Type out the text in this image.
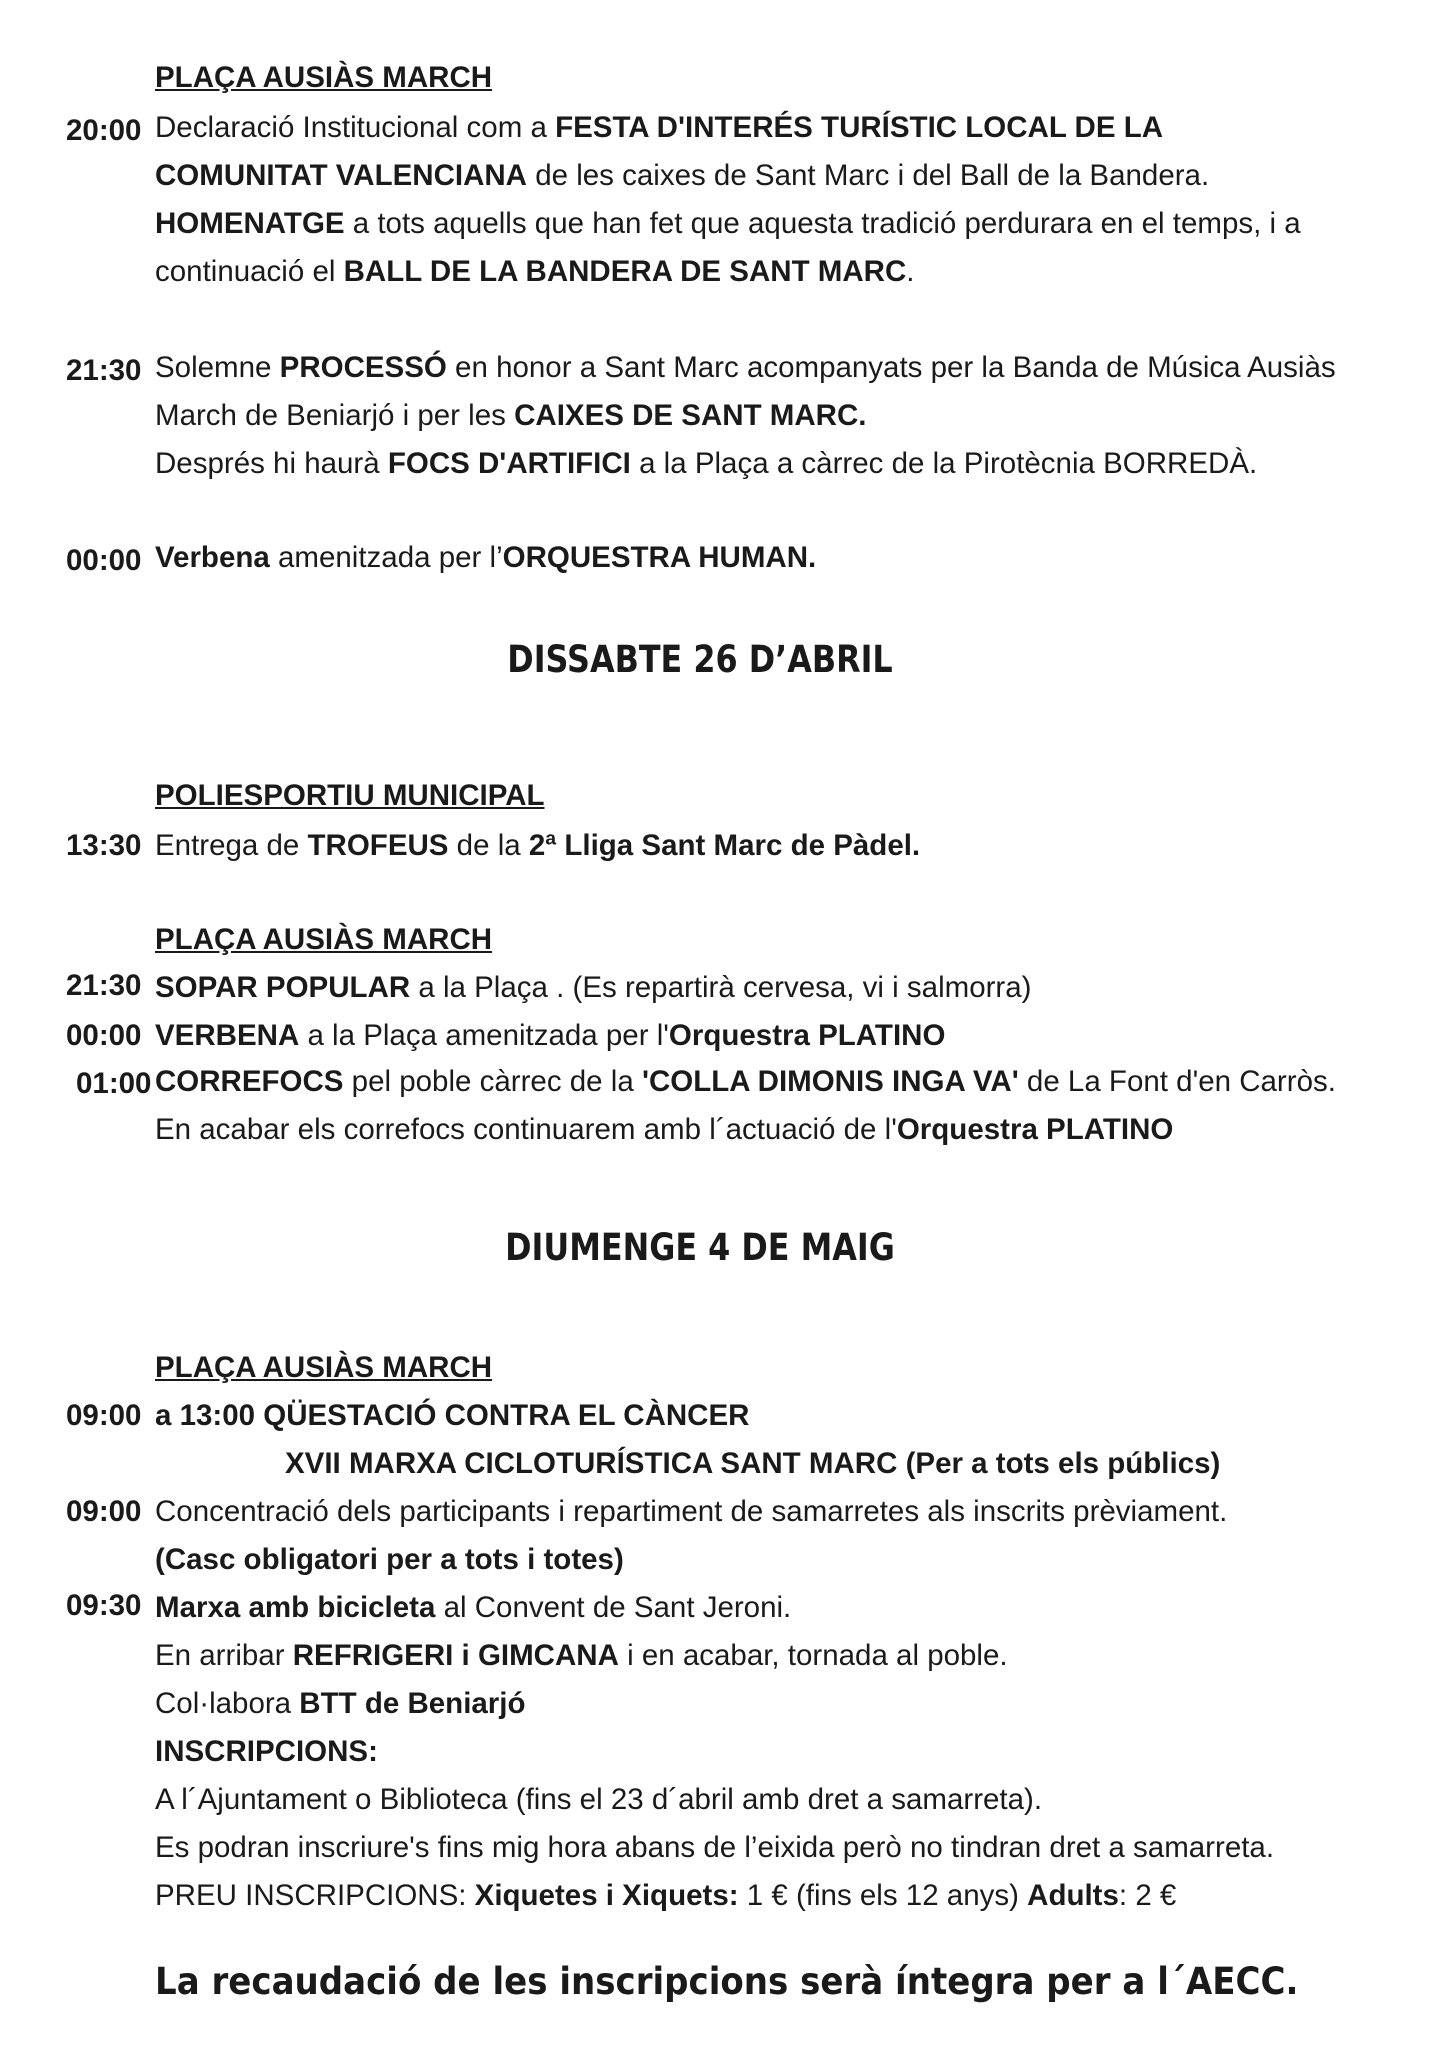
PLAÇA AUSIÀS MARCH
20:00 Declaració Institucional com a FESTA D'INTERÉS TURÍSTIC LOCAL DE LA
COMUNITAT VALENCIANA de les caixes de Sant Marc i del Ball de la Bandera.
HOMENATGE a tots aquells que han fet que aquesta tradició perdurara en el temps, i a
continuació el BALL DE LA BANDERA DE SANT MARC.
21:30 Solemne PROCESSÓ en honor a Sant Marc acompanyats per la Banda de Música Ausiàs
March de Beniarjó i per les CAIXES DE SANT MARC.
Després hi haurà FOCS D'ARTIFICI a la Plaça a càrrec de la Pirotècnia BORREDÀ.
00:00 Verbena amenitzada per l’ORQUESTRA HUMAN.
DISSABTE 26 D’ABRIL
POLIESPORTIU MUNICIPAL
13:30 Entrega de TROFEUS de la 2ª Lliga Sant Marc de Pàdel.
PLAÇA AUSIÀS MARCH
21:30 SOPAR POPULAR a la Plaça . (Es repartirà cervesa, vi i salmorra)
00:00 VERBENA a la Plaça amenitzada per l'Orquestra PLATINO
01:00 CORREFOCS pel poble càrrec de la 'COLLA DIMONIS INGA VA' de La Font d'en Carròs.
En acabar els correfocs continuarem amb l´actuació de l'Orquestra PLATINO
DIUMENGE 4 DE MAIG
PLAÇA AUSIÀS MARCH
09:00 a 13:00 QÜESTACIÓ CONTRA EL CÀNCER
XVII MARXA CICLOTURÍSTICA SANT MARC (Per a tots els públics)
09:00 Concentració dels participants i repartiment de samarretes als inscrits prèviament.
(Casc obligatori per a tots i totes)
09:30 Marxa amb bicicleta al Convent de Sant Jeroni.
En arribar REFRIGERI i GIMCANA i en acabar, tornada al poble.
Col·labora BTT de Beniarjó
INSCRIPCIONS:
A l´Ajuntament o Biblioteca (fins el 23 d´abril amb dret a samarreta).
Es podran inscriure's fins mig hora abans de l’eixida però no tindran dret a samarreta.
PREU INSCRIPCIONS: Xiquetes i Xiquets: 1 € (fins els 12 anys) Adults: 2 €
La recaudació de les inscripcions serà íntegra per a l´AECC.
